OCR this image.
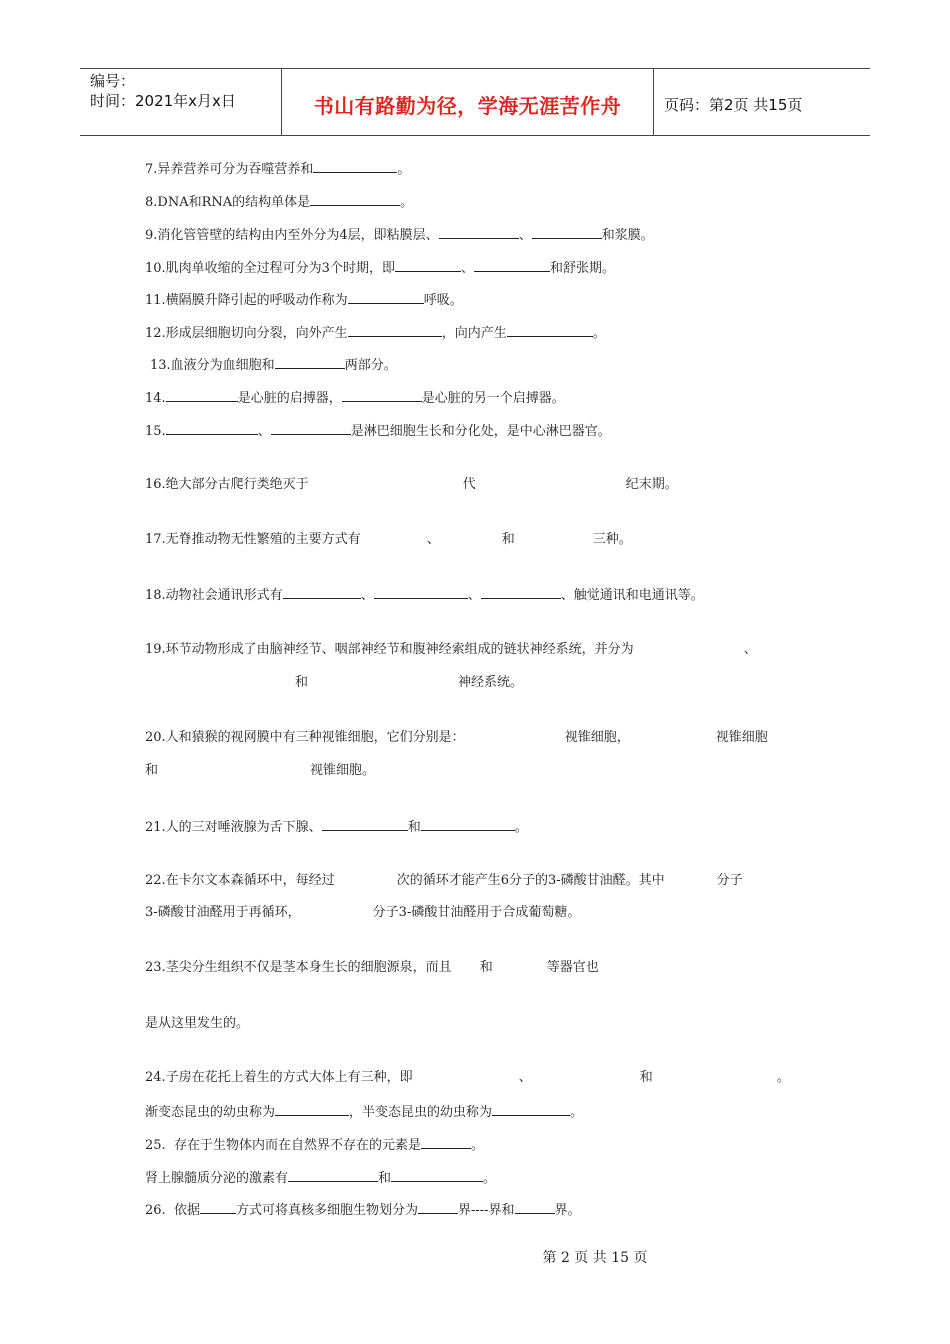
编号：
时间：2021年x月x日	书山有路勤为径，学海无涯苦作舟	页码：第2页 共15页
7.异养营养可分为吞噬营养和	。
8.DNA和RNA的结构单体是	。
9.消化管管壁的结构由内至外分为4层，即粘膜层、	、	和浆膜。
10.肌肉单收缩的全过程可分为3个时期，即	、	和舒张期。
11.横隔膜升降引起的呼吸动作称为	呼吸。
12.形成层细胞切向分裂，向外产生	，向内产生	。
13.血液分为血细胞和	两部分。
14.	是心脏的启搏器，	是心脏的另一个启搏器。
15.	、	是淋巴细胞生长和分化处，是中心淋巴器官。
16.绝大部分古爬行类绝灭于	代	纪末期。
17.无脊推动物无性繁殖的主要方式有	、	和	三种。
18.动物社会通讯形式有	、	、	、触觉通讯和电通讯等。
19.环节动物形成了由脑神经节、咽部神经节和腹神经索组成的链状神经系统，并分为	、
和	神经系统。
20.人和猿猴的视网膜中有三种视锥细胞，它们分别是：	视锥细胞，	视锥细胞
和	视锥细胞。
21.人的三对唾液腺为舌下腺、	和	。
22.在卡尔文本森循环中，每经过	次的循环才能产生6分子的3-磷酸甘油醛。其中	分子
3-磷酸甘油醛用于再循环，	分子3-磷酸甘油醛用于合成葡萄糖。
23.茎尖分生组织不仅是茎本身生长的细胞源泉，而且 和	等器官也
是从这里发生的。
24.子房在花托上着生的方式大体上有三种，即	、	和	。
渐变态昆虫的幼虫称为	，半变态昆虫的幼虫称为	。
25.  存在于生物体内而在自然界不存在的元素是	。
肾上腺髓质分泌的激素有	和	。
26.  依据	方式可将真核多细胞生物划分为	界----界和	界。
第 2 页 共 15 页
